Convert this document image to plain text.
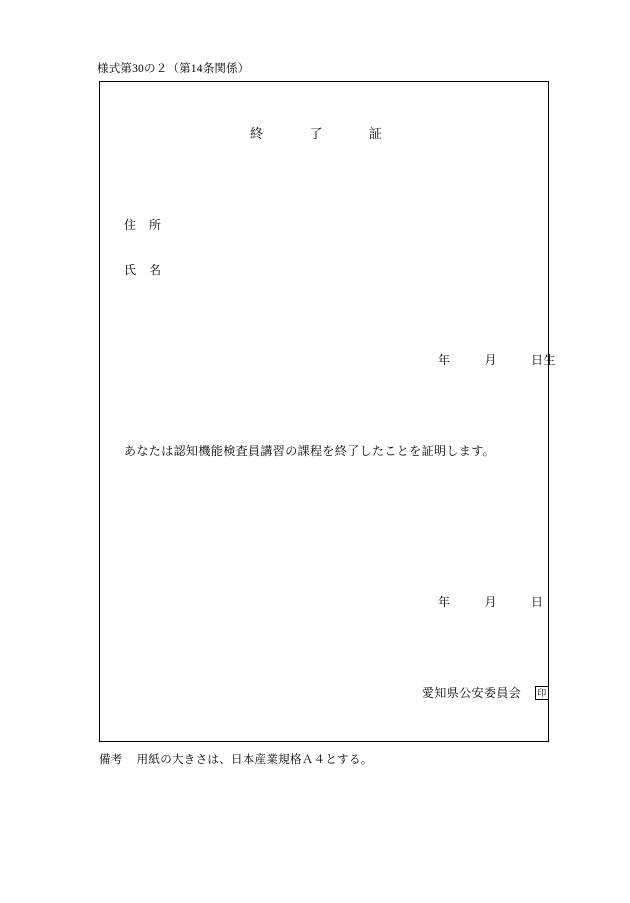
様式第30の２（第14条関係）
終	了	証
住　所
氏　名
年	月	日生
あなたは認知機能検査員講習の課程を終了したことを証明します。
年	月	日
愛知県公安委員会 印
備考 用紙の大きさは、日本産業規格Ａ４とする。
